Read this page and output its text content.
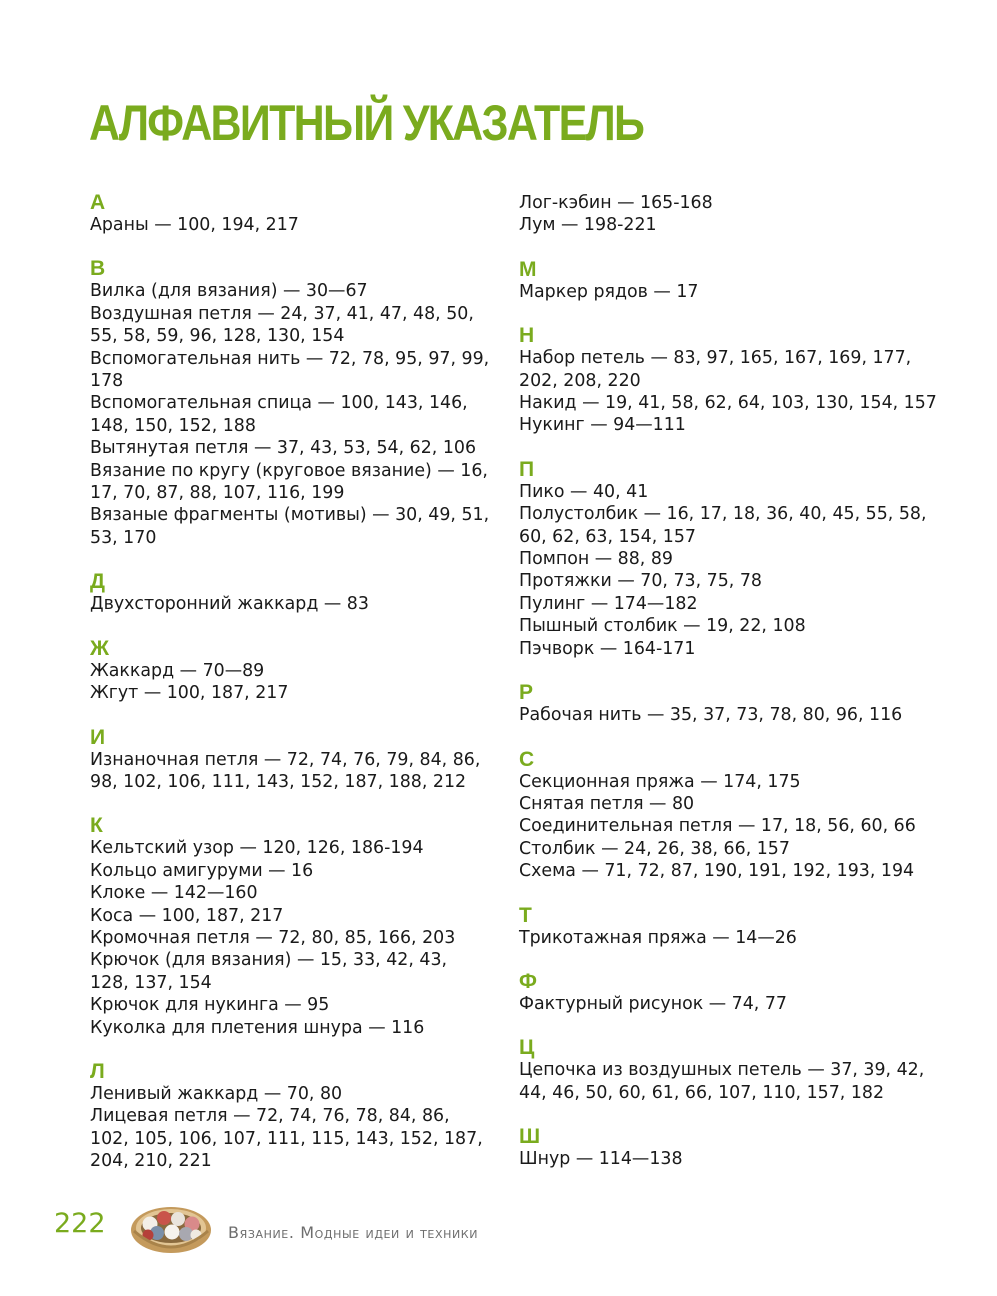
АЛФАВИТНЫЙ УКАЗАТЕЛЬ
А
Араны — 100, 194, 217
В
Вилка (для вязания) — 30—67
Воздушная петля — 24, 37, 41, 47, 48, 50, 55, 58, 59, 96, 128, 130, 154
Вспомогательная нить — 72, 78, 95, 97, 99, 178
Вспомогательная спица — 100, 143, 146, 148, 150, 152, 188
Вытянутая петля — 37, 43, 53, 54, 62, 106
Вязание по кругу (круговое вязание) — 16, 17, 70, 87, 88, 107, 116, 199
Вязаные фрагменты (мотивы) — 30, 49, 51, 53, 170
Д
Двухсторонний жаккард — 83
Ж
Жаккард — 70—89
Жгут — 100, 187, 217
И
Изнаночная петля — 72, 74, 76, 79, 84, 86, 98, 102, 106, 111, 143, 152, 187, 188, 212
К
Кельтский узор — 120, 126, 186-194
Кольцо амигуруми — 16
Клоке — 142—160
Коса — 100, 187, 217
Кромочная петля — 72, 80, 85, 166, 203
Крючок (для вязания) — 15, 33, 42, 43, 128, 137, 154
Крючок для нукинга — 95
Куколка для плетения шнура — 116
Л
Ленивый жаккард — 70, 80
Лицевая петля — 72, 74, 76, 78, 84, 86, 102, 105, 106, 107, 111, 115, 143, 152, 187, 204, 210, 221
Лог-кэбин — 165-168
Лум — 198-221
М
Маркер рядов — 17
Н
Набор петель — 83, 97, 165, 167, 169, 177, 202, 208, 220
Накид — 19, 41, 58, 62, 64, 103, 130, 154, 157
Нукинг — 94—111
П
Пико — 40, 41
Полустолбик — 16, 17, 18, 36, 40, 45, 55, 58, 60, 62, 63, 154, 157
Помпон — 88, 89
Протяжки — 70, 73, 75, 78
Пулинг — 174—182
Пышный столбик — 19, 22, 108
Пэчворк — 164-171
Р
Рабочая нить — 35, 37, 73, 78, 80, 96, 116
С
Секционная пряжа — 174, 175
Снятая петля — 80
Соединительная петля — 17, 18, 56, 60, 66
Столбик — 24, 26, 38, 66, 157
Схема — 71, 72, 87, 190, 191, 192, 193, 194
Т
Трикотажная пряжа — 14—26
Ф
Фактурный рисунок — 74, 77
Ц
Цепочка из воздушных петель — 37, 39, 42, 44, 46, 50, 60, 61, 66, 107, 110, 157, 182
Ш
Шнур — 114—138
222	Вязание. Модные идеи и техники
